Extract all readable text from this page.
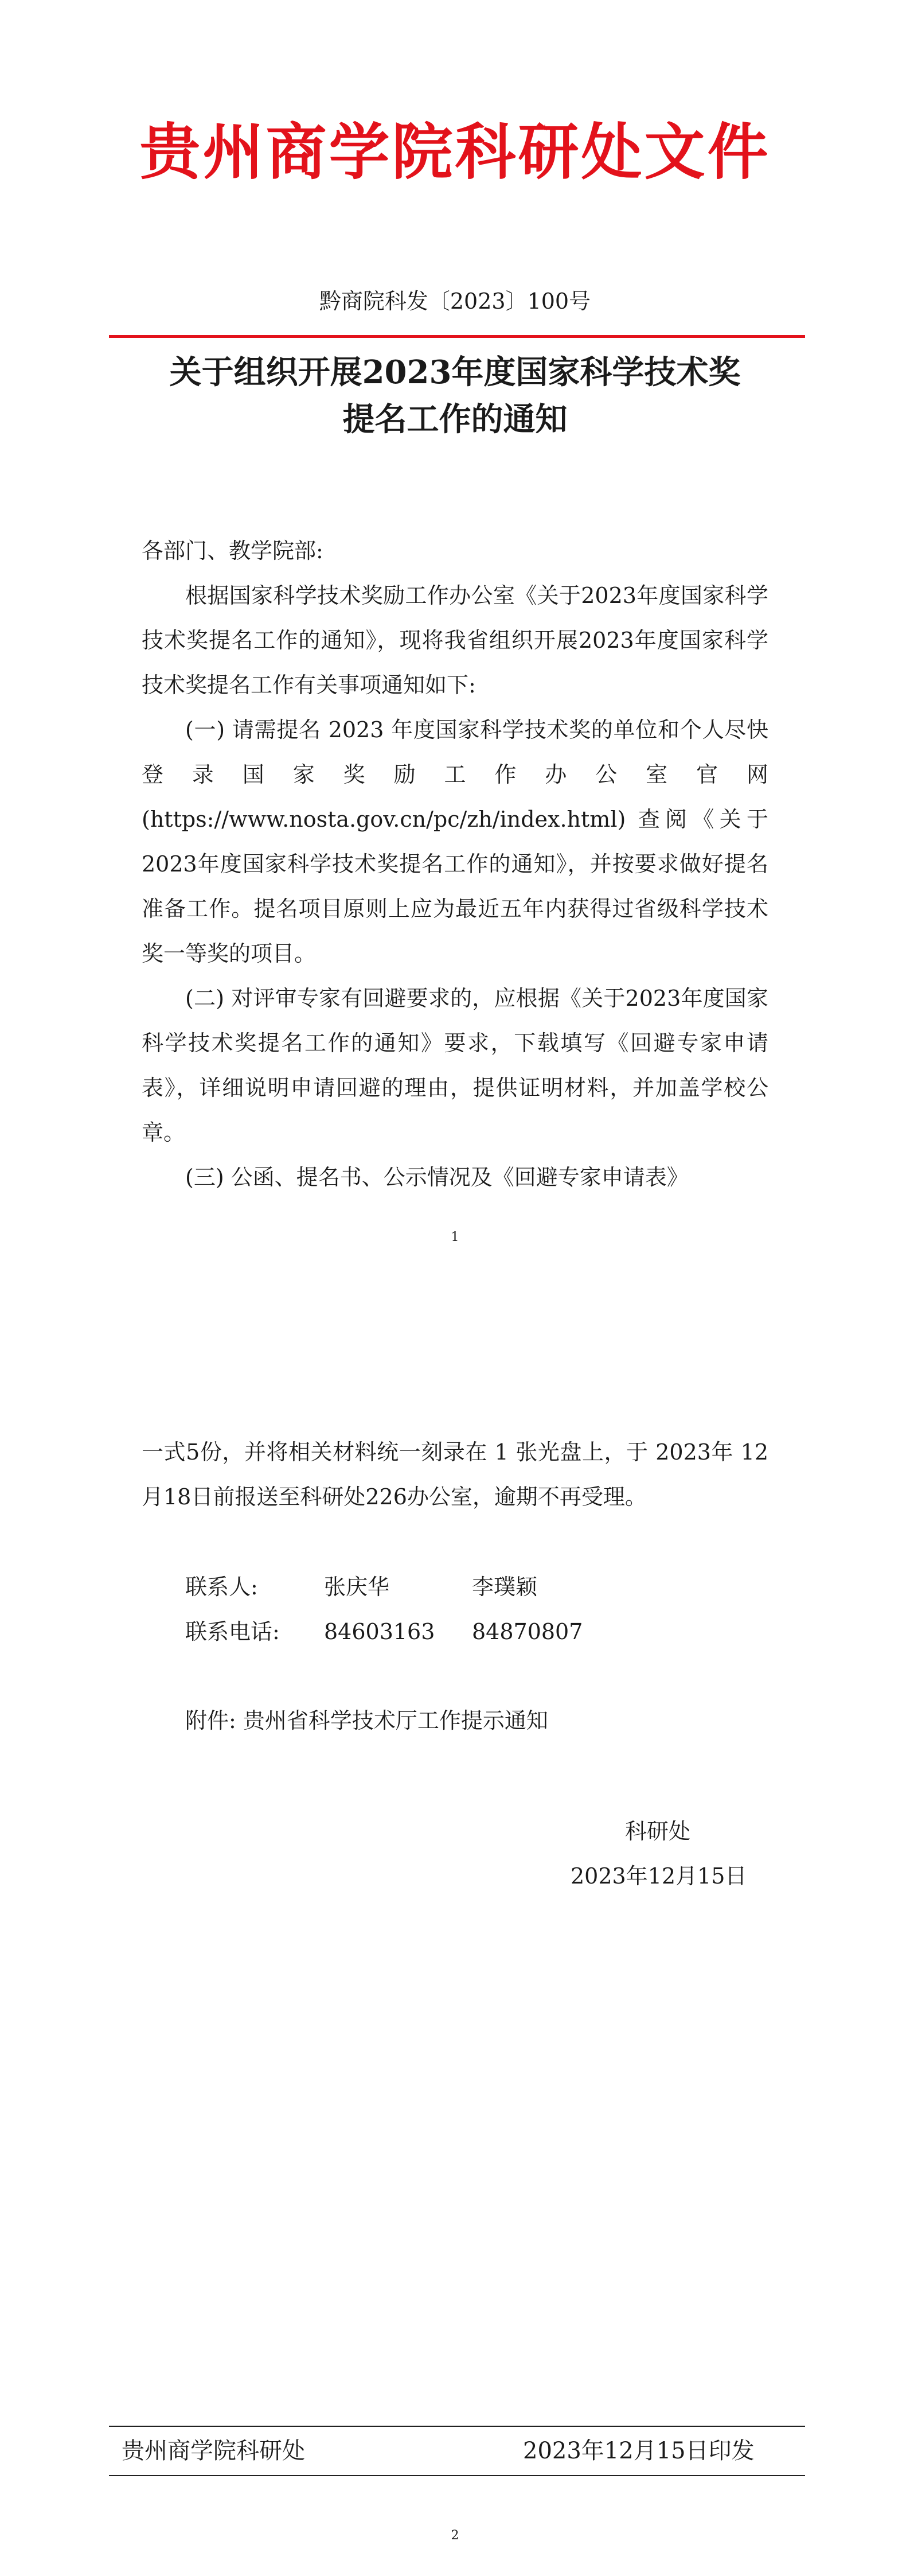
贵州商学院科研处文件
黔商院科发〔2023〕100号
关于组织开展2023年度国家科学技术奖
提名工作的通知
各部门、教学院部:
根据国家科学技术奖励工作办公室《关于2023年度国家科学技术奖提名工作的通知》，现将我省组织开展2023年度国家科学技术奖提名工作有关事项通知如下:
(一) 请需提名 2023 年度国家科学技术奖的单位和个人尽快登录国家奖励工作办公室官网 (https://www.nosta.gov.cn/pc/zh/index.html) 查阅《关于2023年度国家科学技术奖提名工作的通知》，并按要求做好提名准备工作。提名项目原则上应为最近五年内获得过省级科学技术奖一等奖的项目。
(二) 对评审专家有回避要求的，应根据《关于2023年度国家科学技术奖提名工作的通知》要求，下载填写《回避专家申请表》，详细说明申请回避的理由，提供证明材料，并加盖学校公章。
(三) 公函、提名书、公示情况及《回避专家申请表》
1
一式5份，并将相关材料统一刻录在 1 张光盘上，于 2023年 12月18日前报送至科研处226办公室，逾期不再受理。
联系人:	张庆华	李璞颖
联系电话: 84603163 84870807
附件: 贵州省科学技术厅工作提示通知
科研处
2023年12月15日
贵州商学院科研处	2023年12月15日印发
2
